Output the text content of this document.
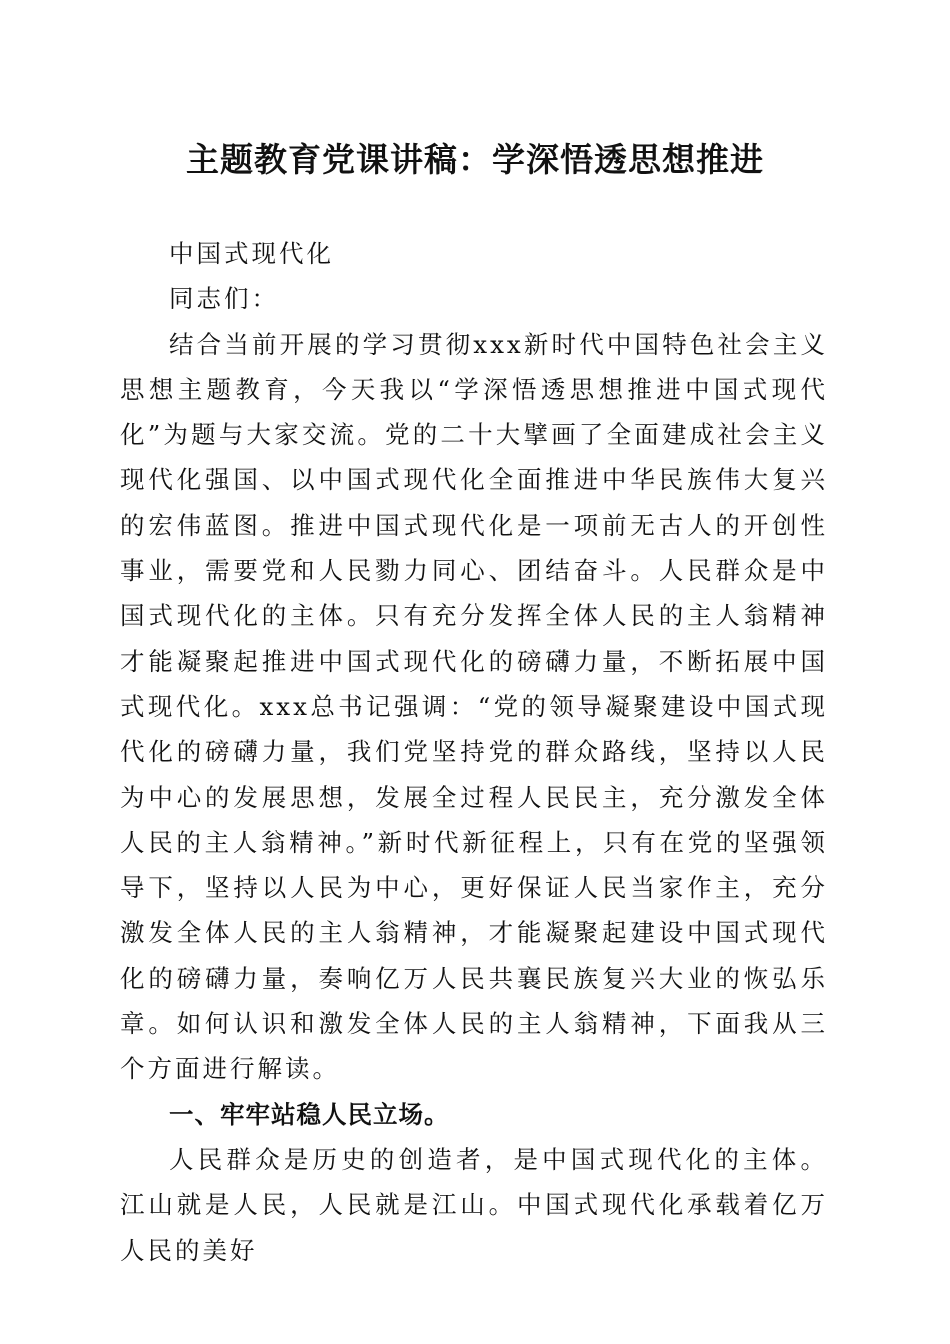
主题教育党课讲稿：学深悟透思想推进

中国式现代化

同志们：

结合当前开展的学习贯彻xxx新时代中国特色社会主义思想主题教育，今天我以“学深悟透思想推进中国式现代化”为题与大家交流。党的二十大擘画了全面建成社会主义现代化强国、以中国式现代化全面推进中华民族伟大复兴的宏伟蓝图。推进中国式现代化是一项前无古人的开创性事业，需要党和人民勠力同心、团结奋斗。人民群众是中国式现代化的主体。只有充分发挥全体人民的主人翁精神才能凝聚起推进中国式现代化的磅礴力量，不断拓展中国式现代化。xxx总书记强调：“党的领导凝聚建设中国式现代化的磅礴力量，我们党坚持党的群众路线，坚持以人民为中心的发展思想，发展全过程人民民主，充分激发全体人民的主人翁精神。”新时代新征程上，只有在党的坚强领导下，坚持以人民为中心，更好保证人民当家作主，充分激发全体人民的主人翁精神，才能凝聚起建设中国式现代化的磅礴力量，奏响亿万人民共襄民族复兴大业的恢弘乐章。如何认识和激发全体人民的主人翁精神，下面我从三个方面进行解读。

一、牢牢站稳人民立场。

人民群众是历史的创造者，是中国式现代化的主体。江山就是人民，人民就是江山。中国式现代化承载着亿万人民的美好
